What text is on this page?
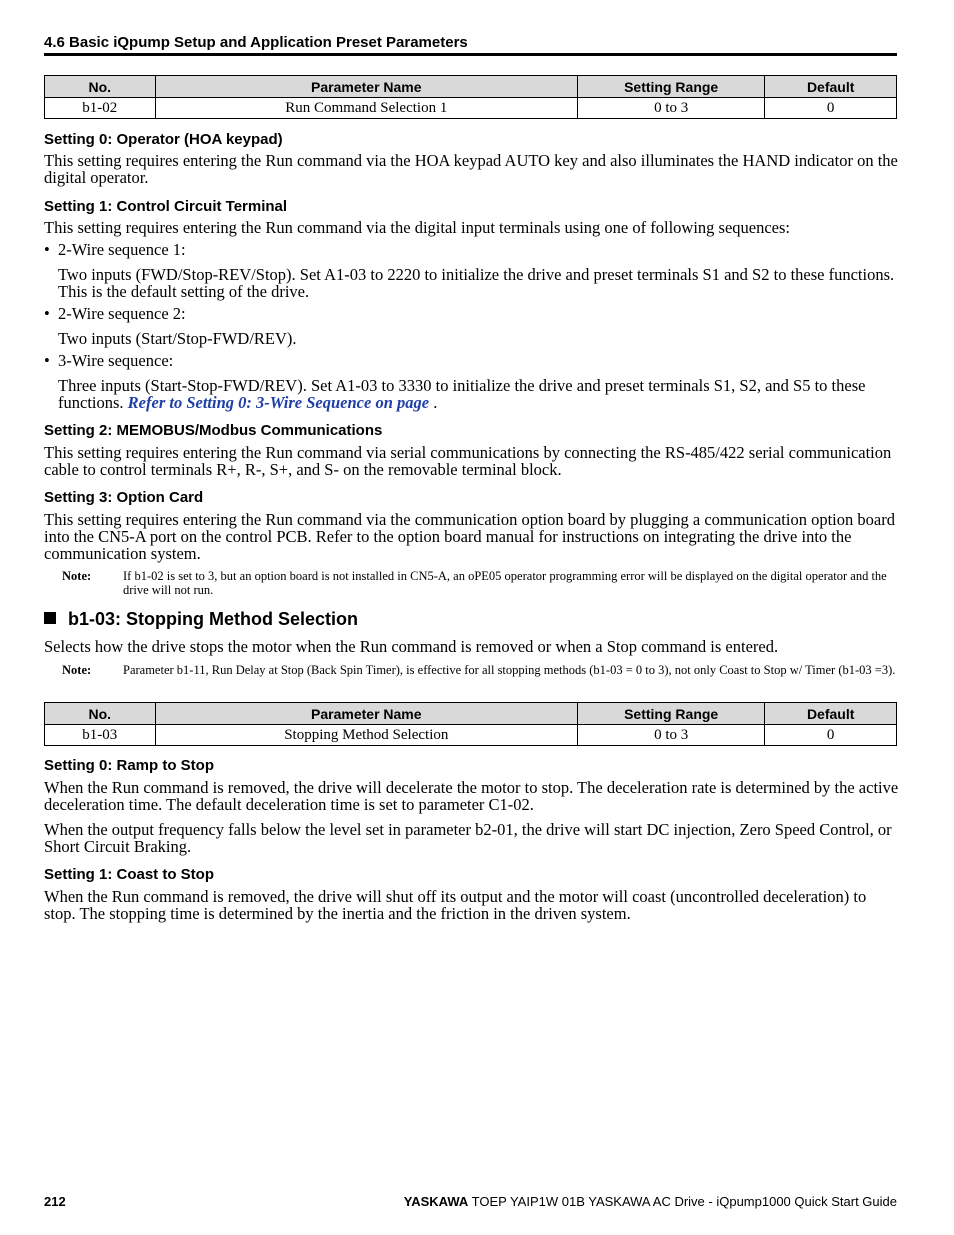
4.6 Basic iQpump Setup and Application Preset Parameters
No.	Parameter Name	Setting Range	Default
b1-02	Run Command Selection 1	0 to 3	0
Setting 0: Operator (HOA keypad)
This setting requires entering the Run command via the HOA keypad AUTO key and also illuminates the HAND indicator on the digital operator.
Setting 1: Control Circuit Terminal
This setting requires entering the Run command via the digital input terminals using one of following sequences:
• 2-Wire sequence 1:
Two inputs (FWD/Stop-REV/Stop). Set A1-03 to 2220 to initialize the drive and preset terminals S1 and S2 to these functions. This is the default setting of the drive.
• 2-Wire sequence 2:
Two inputs (Start/Stop-FWD/REV).
• 3-Wire sequence:
Three inputs (Start-Stop-FWD/REV). Set A1-03 to 3330 to initialize the drive and preset terminals S1, S2, and S5 to these functions. Refer to Setting 0: 3-Wire Sequence on page .
Setting 2: MEMOBUS/Modbus Communications
This setting requires entering the Run command via serial communications by connecting the RS-485/422 serial communication cable to control terminals R+, R-, S+, and S- on the removable terminal block.
Setting 3: Option Card
This setting requires entering the Run command via the communication option board by plugging a communication option board into the CN5-A port on the control PCB. Refer to the option board manual for instructions on integrating the drive into the communication system.
Note:	If b1-02 is set to 3, but an option board is not installed in CN5-A, an oPE05 operator programming error will be displayed on the digital operator and the drive will not run.
b1-03: Stopping Method Selection
Selects how the drive stops the motor when the Run command is removed or when a Stop command is entered.
Note:	Parameter b1-11, Run Delay at Stop (Back Spin Timer), is effective for all stopping methods (b1-03 = 0 to 3), not only Coast to Stop w/ Timer (b1-03 =3).
No.	Parameter Name	Setting Range	Default
b1-03	Stopping Method Selection	0 to 3	0
Setting 0: Ramp to Stop
When the Run command is removed, the drive will decelerate the motor to stop. The deceleration rate is determined by the active deceleration time. The default deceleration time is set to parameter C1-02.
When the output frequency falls below the level set in parameter b2-01, the drive will start DC injection, Zero Speed Control, or Short Circuit Braking.
Setting 1: Coast to Stop
When the Run command is removed, the drive will shut off its output and the motor will coast (uncontrolled deceleration) to stop. The stopping time is determined by the inertia and the friction in the driven system.
212	YASKAWA TOEP YAIP1W 01B YASKAWA AC Drive - iQpump1000 Quick Start Guide
